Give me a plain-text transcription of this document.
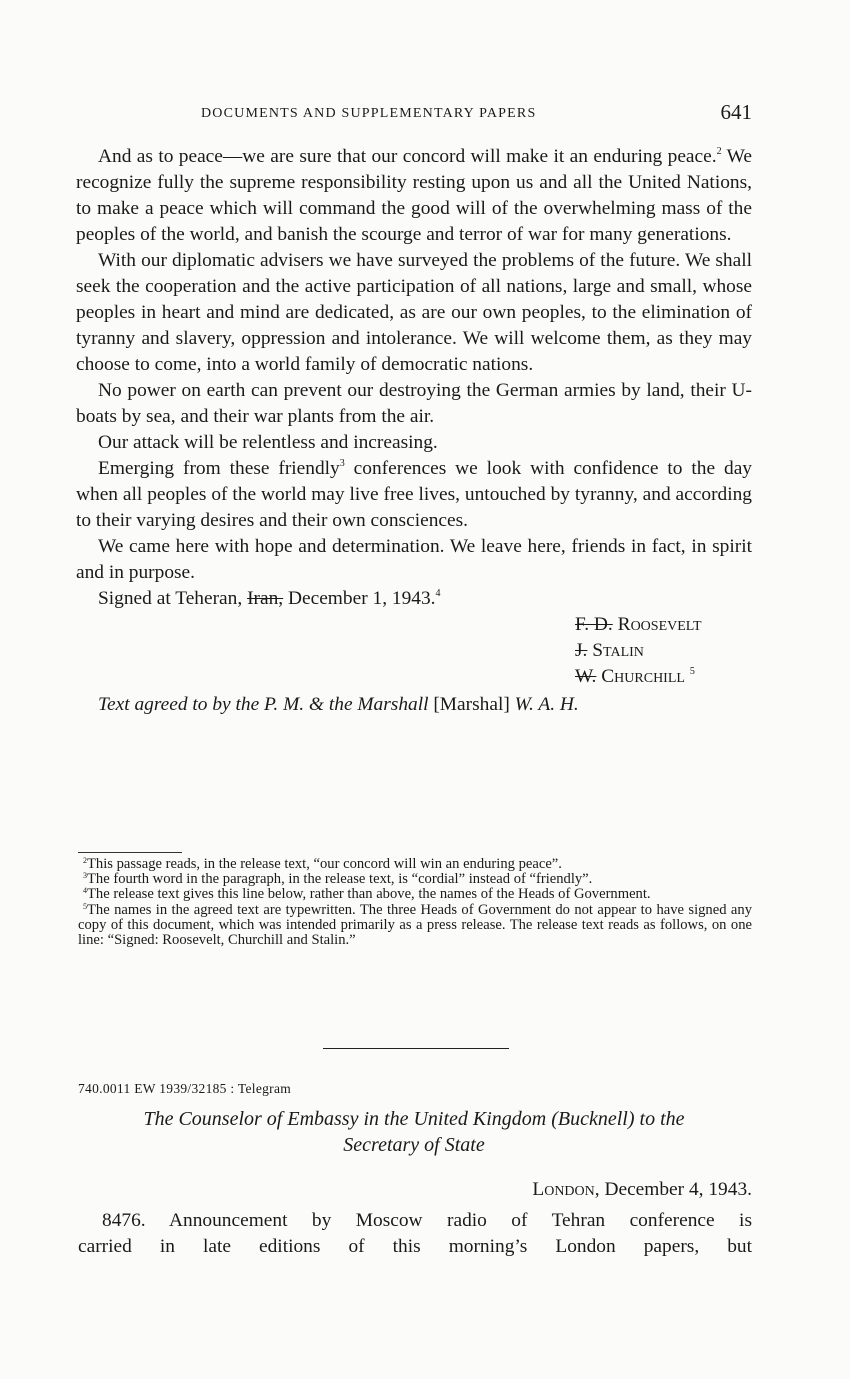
DOCUMENTS AND SUPPLEMENTARY PAPERS	641

And as to peace—we are sure that our concord will make it an enduring peace.$^2$ We recognize fully the supreme responsibility resting upon us and all the United Nations, to make a peace which will command the good will of the overwhelming mass of the peoples of the world, and banish the scourge and terror of war for many generations.

With our diplomatic advisers we have surveyed the problems of the future. We shall seek the cooperation and the active participation of all nations, large and small, whose peoples in heart and mind are dedicated, as are our own peoples, to the elimination of tyranny and slavery, oppression and intolerance. We will welcome them, as they may choose to come, into a world family of democratic nations.

No power on earth can prevent our destroying the German armies by land, their U-boats by sea, and their war plants from the air.

Our attack will be relentless and increasing.

Emerging from these friendly$^3$ conferences we look with confidence to the day when all peoples of the world may live free lives, untouched by tyranny, and according to their varying desires and their own consciences.

We came here with hope and determination. We leave here, friends in fact, in spirit and in purpose.

Signed at Teheran, Iran, December 1, 1943.$^4$

F. D. Roosevelt
J. Stalin
W. Churchill $^5$
Text agreed to by the P. M. & the Marshall [Marshal] W. A. H.

$^2$This passage reads, in the release text, “our concord will win an enduring peace”.

$^3$The fourth word in the paragraph, in the release text, is “cordial” instead of “friendly”.

$^4$The release text gives this line below, rather than above, the names of the Heads of Government.

$^5$The names in the agreed text are typewritten. The three Heads of Government do not appear to have signed any copy of this document, which was intended primarily as a press release. The release text reads as follows, on one line: “Signed: Roosevelt, Churchill and Stalin.”

740.0011 EW 1939/32185 : Telegram
The Counselor of Embassy in the United Kingdom (Bucknell) to the
Secretary of State
London, December 4, 1943.

8476. Announcement by Moscow radio of Tehran conference is

carried in late editions of this morning’s London papers, but
